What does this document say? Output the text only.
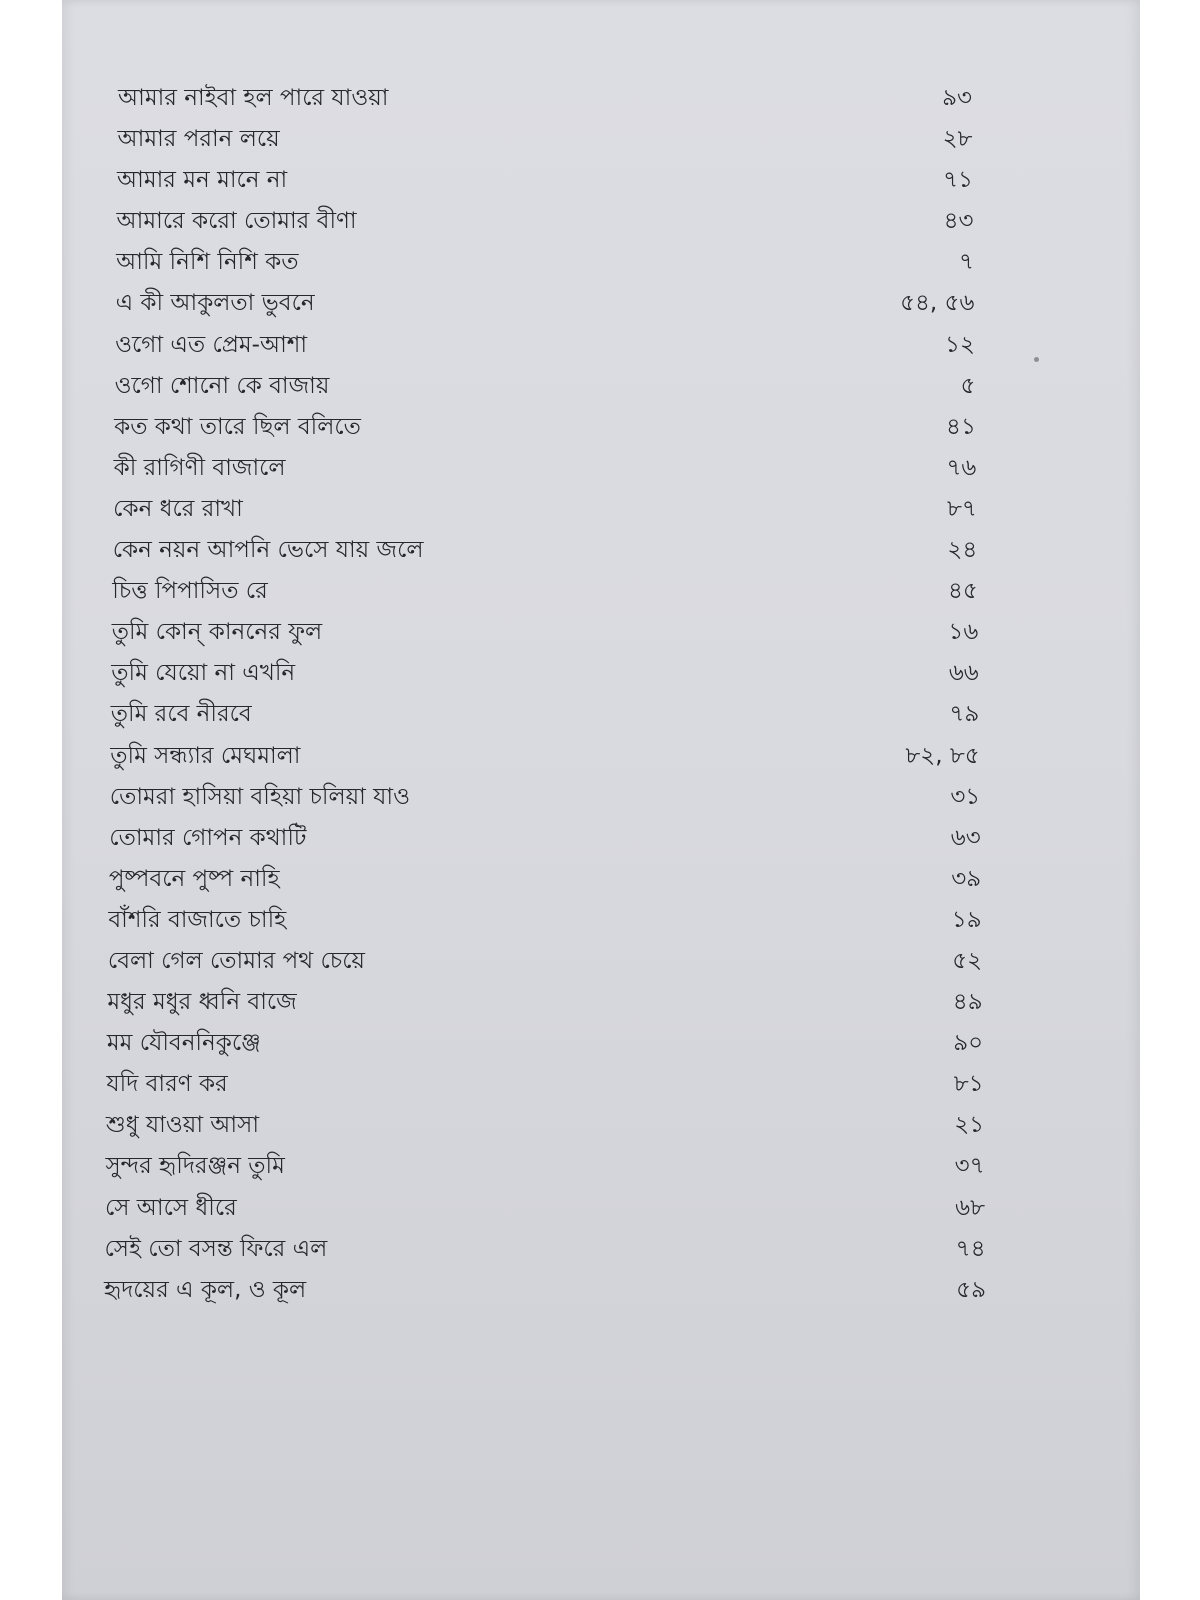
আমার নাইবা হল পারে যাওয়া	৯৩
আমার পরান লয়ে	২৮
আমার মন মানে না	৭১
আমারে করো তোমার বীণা	৪৩
আমি নিশি নিশি কত	৭
এ কী আকুলতা ভুবনে	৫৪, ৫৬
ওগো এত প্রেম-আশা	১২
ওগো শোনো কে বাজায়	৫
কত কথা তারে ছিল বলিতে	৪১
কী রাগিণী বাজালে	৭৬
কেন ধরে রাখা	৮৭
কেন নয়ন আপনি ভেসে যায় জলে	২৪
চিত্ত পিপাসিত রে	৪৫
তুমি কোন্ কাননের ফুল	১৬
তুমি যেয়ো না এখনি	৬৬
তুমি রবে নীরবে	৭৯
তুমি সন্ধ্যার মেঘমালা	৮২, ৮৫
তোমরা হাসিয়া বহিয়া চলিয়া যাও	৩১
তোমার গোপন কথাটি	৬৩
পুষ্পবনে পুষ্প নাহি	৩৯
বাঁশরি বাজাতে চাহি	১৯
বেলা গেল তোমার পথ চেয়ে	৫২
মধুর মধুর ধ্বনি বাজে	৪৯
মম যৌবননিকুঞ্জে	৯০
যদি বারণ কর	৮১
শুধু যাওয়া আসা	২১
সুন্দর হৃদিরঞ্জন তুমি	৩৭
সে আসে ধীরে	৬৮
সেই তো বসন্ত ফিরে এল	৭৪
হৃদয়ের এ কূল, ও কূল	৫৯
